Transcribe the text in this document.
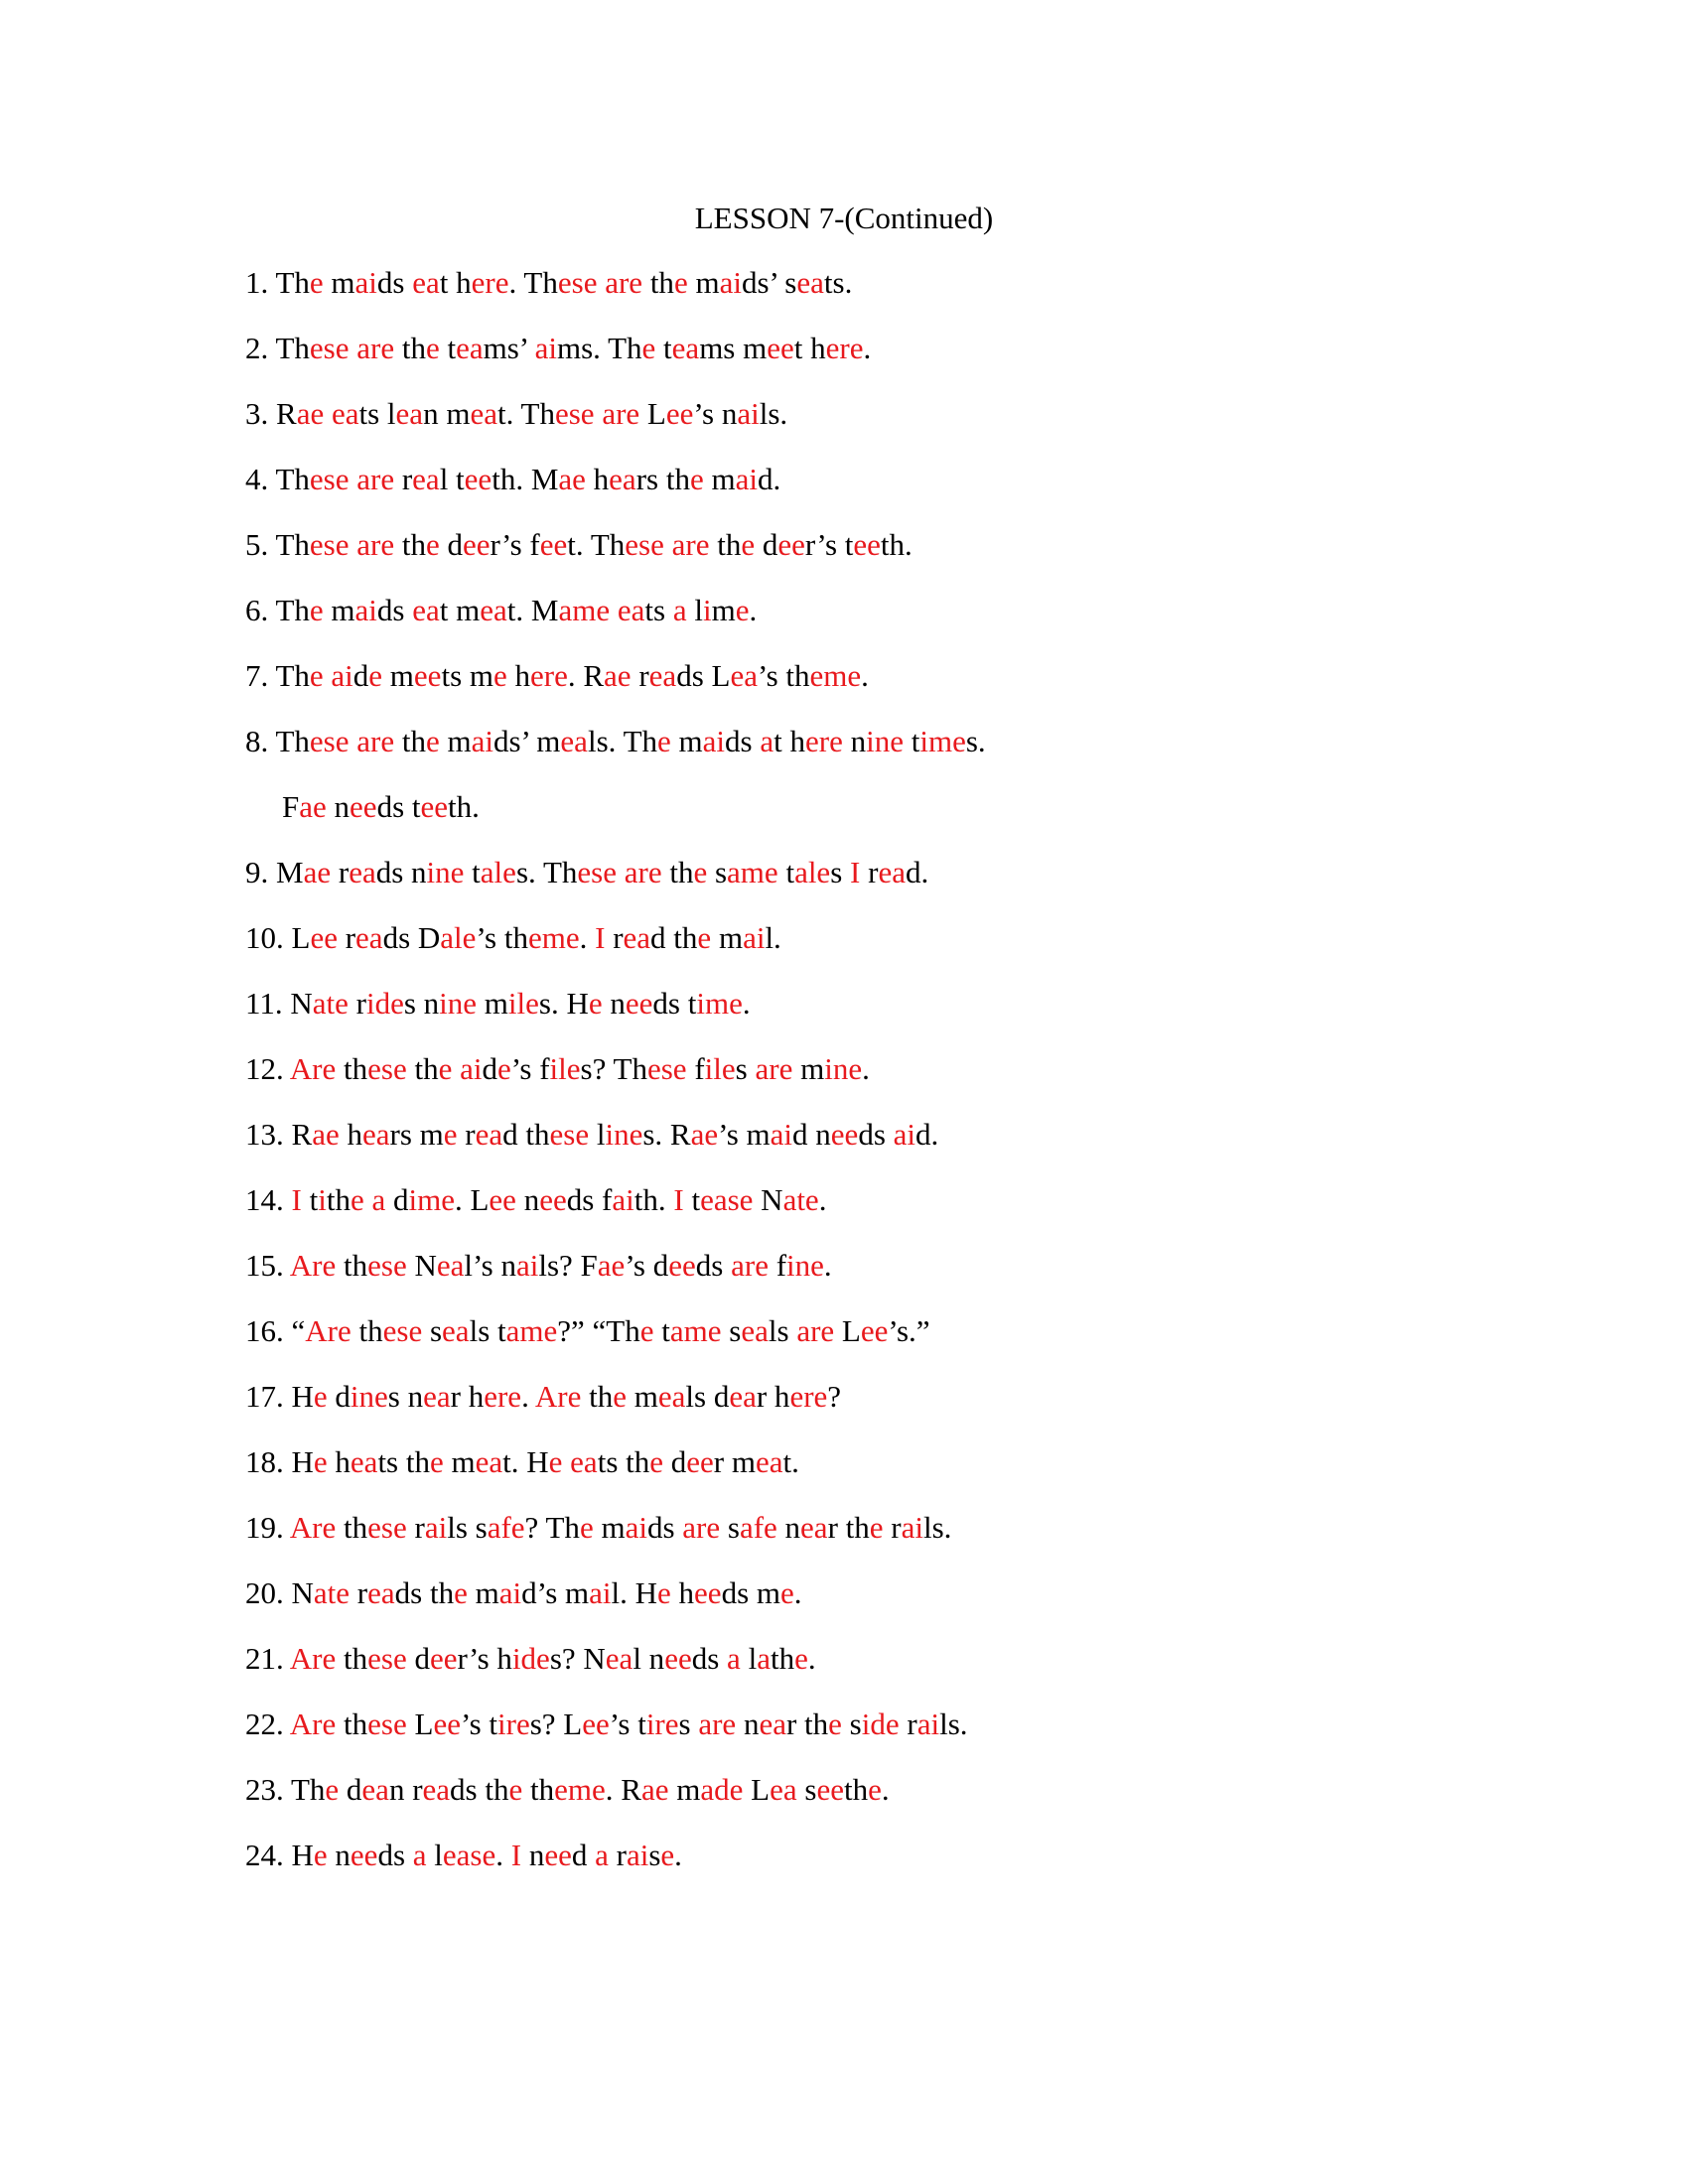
LESSON 7-(Continued)
1. The maids eat here. These are the maids’ seats.
2. These are the teams’ aims. The teams meet here.
3. Rae eats lean meat. These are Lee’s nails.
4. These are real teeth. Mae hears the maid.
5. These are the deer’s feet. These are the deer’s teeth.
6. The maids eat meat. Mame eats a lime.
7. The aide meets me here. Rae reads Lea’s theme.
8. These are the maids’ meals. The maids at here nine times.
Fae needs teeth.
9. Mae reads nine tales. These are the same tales I read.
10. Lee reads Dale’s theme. I read the mail.
11. Nate rides nine miles. He needs time.
12. Are these the aide’s files? These files are mine.
13. Rae hears me read these lines. Rae’s maid needs aid.
14. I tithe a dime. Lee needs faith. I tease Nate.
15. Are these Neal’s nails? Fae’s deeds are fine.
16. “Are these seals tame?” “The tame seals are Lee’s.”
17. He dines near here. Are the meals dear here?
18. He heats the meat. He eats the deer meat.
19. Are these rails safe? The maids are safe near the rails.
20. Nate reads the maid’s mail. He heeds me.
21. Are these deer’s hides? Neal needs a lathe.
22. Are these Lee’s tires? Lee’s tires are near the side rails.
23. The dean reads the theme. Rae made Lea seethe.
24. He needs a lease. I need a raise.
